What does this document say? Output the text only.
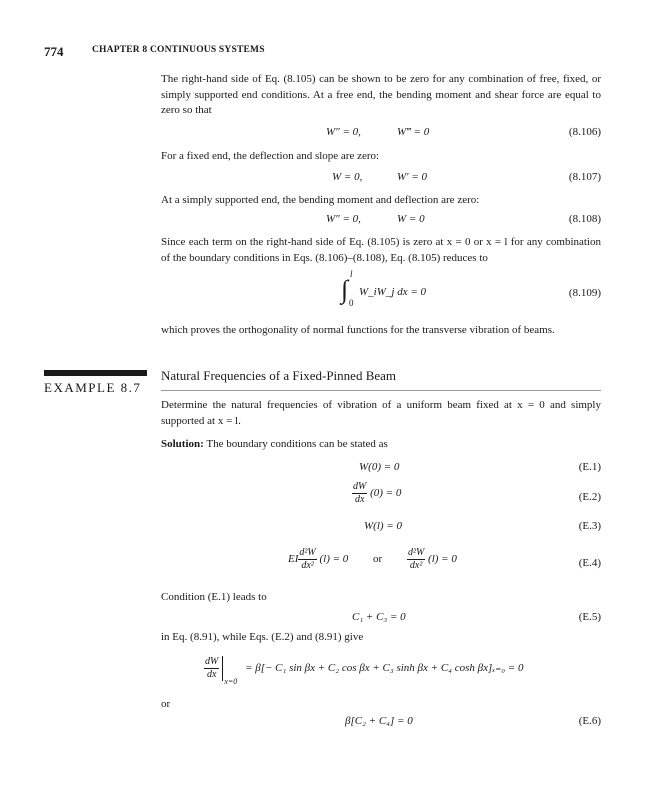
774	CHAPTER 8 CONTINUOUS SYSTEMS
The right-hand side of Eq. (8.105) can be shown to be zero for any combination of free, fixed, or simply supported end conditions. At a free end, the bending moment and shear force are equal to zero so that
W″ = 0,	W‴ = 0	(8.106)
For a fixed end, the deflection and slope are zero:
W = 0,	W′ = 0	(8.107)
At a simply supported end, the bending moment and deflection are zero:
W″ = 0,	W = 0	(8.108)
Since each term on the right-hand side of Eq. (8.105) is zero at x = 0 or x = l for any combination of the boundary conditions in Eqs. (8.106)–(8.108), Eq. (8.105) reduces to
l
∫ 0
W_iW_j dx = 0	(8.109)
which proves the orthogonality of normal functions for the transverse vibration of beams.
EXAMPLE 8.7
Natural Frequencies of a Fixed-Pinned Beam
Determine the natural frequencies of vibration of a uniform beam fixed at x = 0 and simply supported at x = l.
Solution: The boundary conditions can be stated as
W(0) = 0	(E.1)
$\frac{dW}{dx} (0) = 0$	(E.2)
W(l) = 0	(E.3)
EI $\frac{\text{d²W}}{\text{dx²}} (l) = 0$ or $\frac{\text{d²W}}{\text{dx²}} (l) = 0$	(E.4)
Condition (E.1) leads to
C₁ + C₃ = 0	(E.5)
in Eq. (8.91), while Eqs. (E.2) and (8.91) give
$\frac{dW}{dx}$
$_{x=0}$ = β[− C₁ sin βx + C₂ cos βx + C₃ sinh βx + C₄ cosh βx]ₓ₌₀ = 0
or
β[C₂ + C₄] = 0	(E.6)
